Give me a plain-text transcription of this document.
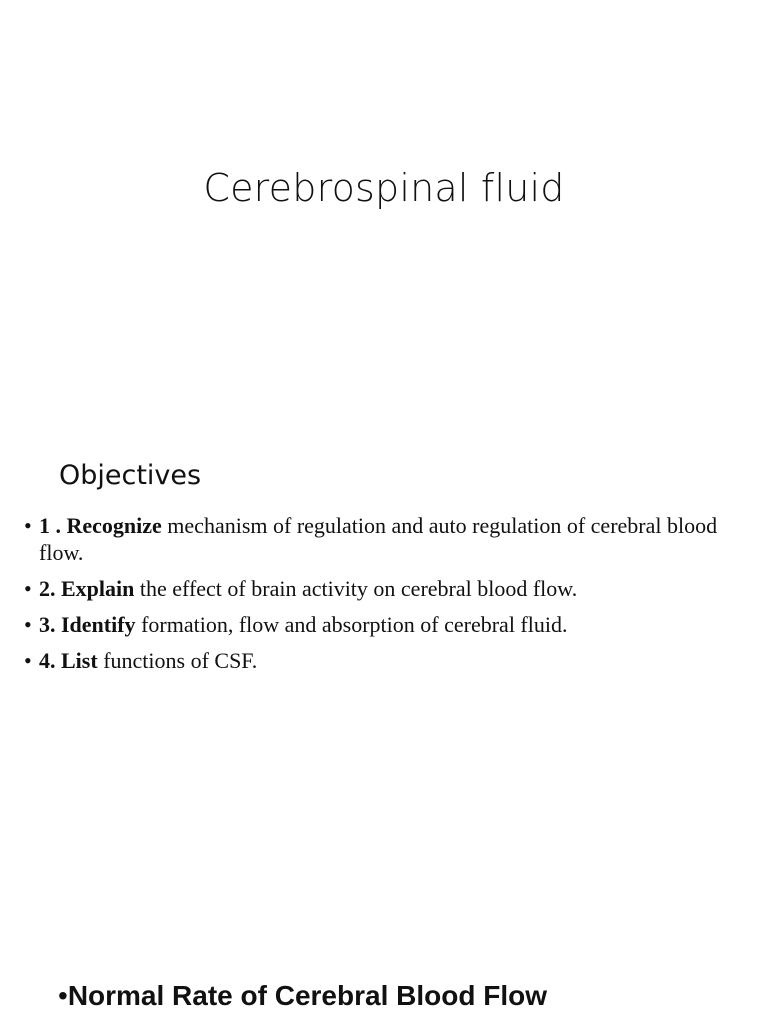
Cerebrospinal fluid
Objectives
• 1 . Recognize mechanism of regulation and auto regulation of cerebral blood flow.
• 2. Explain the effect of brain activity on cerebral blood flow.
• 3. Identify formation, flow and absorption of cerebral fluid.
• 4. List functions of CSF.
•Normal Rate of Cerebral Blood Flow
